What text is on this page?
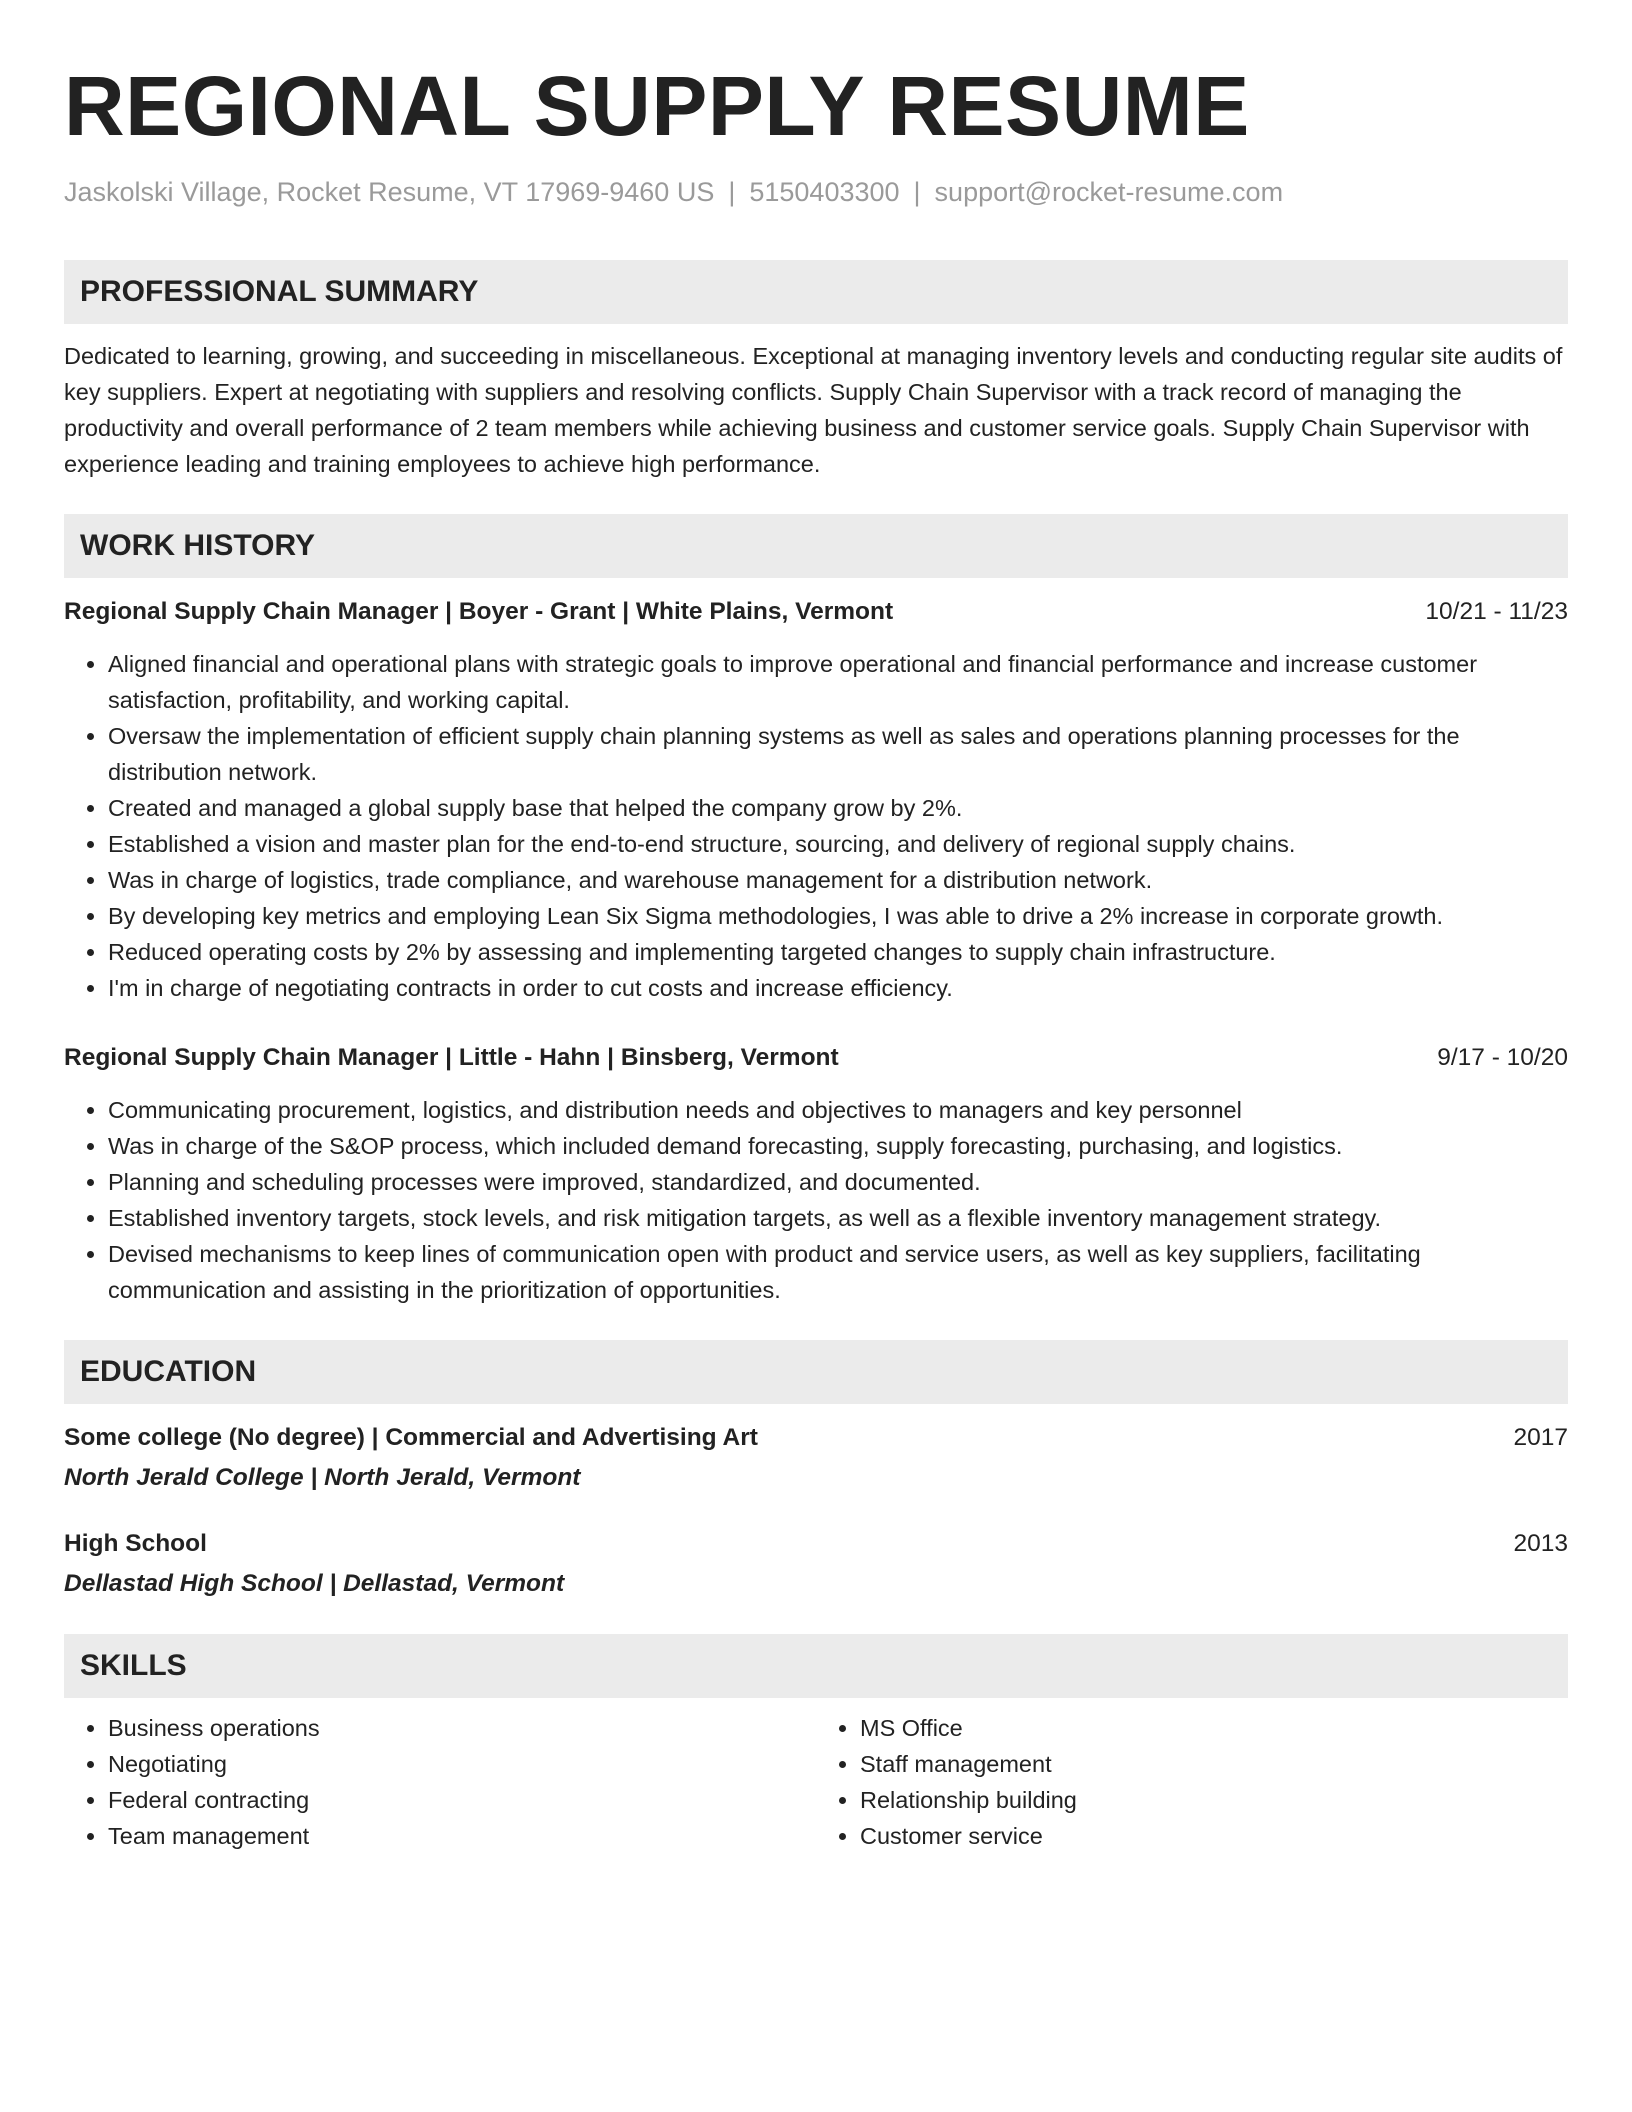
REGIONAL SUPPLY RESUME
Jaskolski Village, Rocket Resume, VT 17969-9460 US | 5150403300 | support@rocket-resume.com
PROFESSIONAL SUMMARY
Dedicated to learning, growing, and succeeding in miscellaneous. Exceptional at managing inventory levels and conducting regular site audits of key suppliers. Expert at negotiating with suppliers and resolving conflicts. Supply Chain Supervisor with a track record of managing the productivity and overall performance of 2 team members while achieving business and customer service goals. Supply Chain Supervisor with experience leading and training employees to achieve high performance.
WORK HISTORY
Regional Supply Chain Manager | Boyer - Grant | White Plains, Vermont	10/21 - 11/23
• Aligned financial and operational plans with strategic goals to improve operational and financial performance and increase customer satisfaction, profitability, and working capital.
• Oversaw the implementation of efficient supply chain planning systems as well as sales and operations planning processes for the distribution network.
• Created and managed a global supply base that helped the company grow by 2%.
• Established a vision and master plan for the end-to-end structure, sourcing, and delivery of regional supply chains.
• Was in charge of logistics, trade compliance, and warehouse management for a distribution network.
• By developing key metrics and employing Lean Six Sigma methodologies, I was able to drive a 2% increase in corporate growth.
• Reduced operating costs by 2% by assessing and implementing targeted changes to supply chain infrastructure.
• I'm in charge of negotiating contracts in order to cut costs and increase efficiency.
Regional Supply Chain Manager | Little - Hahn | Binsberg, Vermont	9/17 - 10/20
• Communicating procurement, logistics, and distribution needs and objectives to managers and key personnel
• Was in charge of the S&OP process, which included demand forecasting, supply forecasting, purchasing, and logistics.
• Planning and scheduling processes were improved, standardized, and documented.
• Established inventory targets, stock levels, and risk mitigation targets, as well as a flexible inventory management strategy.
• Devised mechanisms to keep lines of communication open with product and service users, as well as key suppliers, facilitating communication and assisting in the prioritization of opportunities.
EDUCATION
Some college (No degree) | Commercial and Advertising Art	2017
North Jerald College | North Jerald, Vermont
High School	2013
Dellastad High School | Dellastad, Vermont
SKILLS
• Business operations
• Negotiating
• Federal contracting
• Team management
• MS Office
• Staff management
• Relationship building
• Customer service
